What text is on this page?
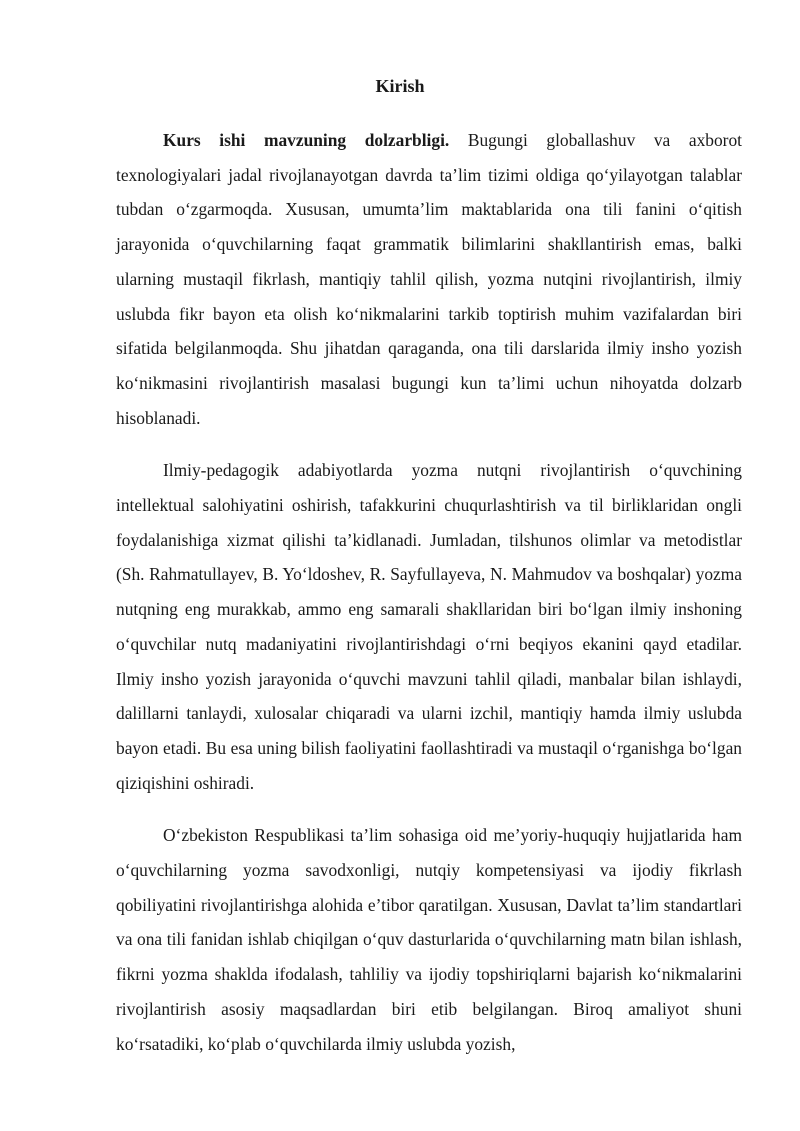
Kirish

Kurs ishi mavzuning dolzarbligi. Bugungi globallashuv va axborot texnologiyalari jadal rivojlanayotgan davrda ta’lim tizimi oldiga qo‘yilayotgan talablar tubdan o‘zgarmoqda. Xususan, umumta’lim maktablarida ona tili fanini o‘qitish jarayonida o‘quvchilarning faqat grammatik bilimlarini shakllantirish emas, balki ularning mustaqil fikrlash, mantiqiy tahlil qilish, yozma nutqini rivojlantirish, ilmiy uslubda fikr bayon eta olish ko‘nikmalarini tarkib toptirish muhim vazifalardan biri sifatida belgilanmoqda. Shu jihatdan qaraganda, ona tili darslarida ilmiy insho yozish ko‘nikmasini rivojlantirish masalasi bugungi kun ta’limi uchun nihoyatda dolzarb hisoblanadi.

Ilmiy-pedagogik adabiyotlarda yozma nutqni rivojlantirish o‘quvchining intellektual salohiyatini oshirish, tafakkurini chuqurlashtirish va til birliklaridan ongli foydalanishiga xizmat qilishi ta’kidlanadi. Jumladan, tilshunos olimlar va metodistlar (Sh. Rahmatullayev, B. Yo‘ldoshev, R. Sayfullayeva, N. Mahmudov va boshqalar) yozma nutqning eng murakkab, ammo eng samarali shakllaridan biri bo‘lgan ilmiy inshoning o‘quvchilar nutq madaniyatini rivojlantirishdagi o‘rni beqiyos ekanini qayd etadilar. Ilmiy insho yozish jarayonida o‘quvchi mavzuni tahlil qiladi, manbalar bilan ishlaydi, dalillarni tanlaydi, xulosalar chiqaradi va ularni izchil, mantiqiy hamda ilmiy uslubda bayon etadi. Bu esa uning bilish faoliyatini faollashtiradi va mustaqil o‘rganishga bo‘lgan qiziqishini oshiradi.

O‘zbekiston Respublikasi ta’lim sohasiga oid me’yoriy-huquqiy hujjatlarida ham o‘quvchilarning yozma savodxonligi, nutqiy kompetensiyasi va ijodiy fikrlash qobiliyatini rivojlantirishga alohida e’tibor qaratilgan. Xususan, Davlat ta’lim standartlari va ona tili fanidan ishlab chiqilgan o‘quv dasturlarida o‘quvchilarning matn bilan ishlash, fikrni yozma shaklda ifodalash, tahliliy va ijodiy topshiriqlarni bajarish ko‘nikmalarini rivojlantirish asosiy maqsadlardan biri etib belgilangan. Biroq amaliyot shuni ko‘rsatadiki, ko‘plab o‘quvchilarda ilmiy uslubda yozish,
